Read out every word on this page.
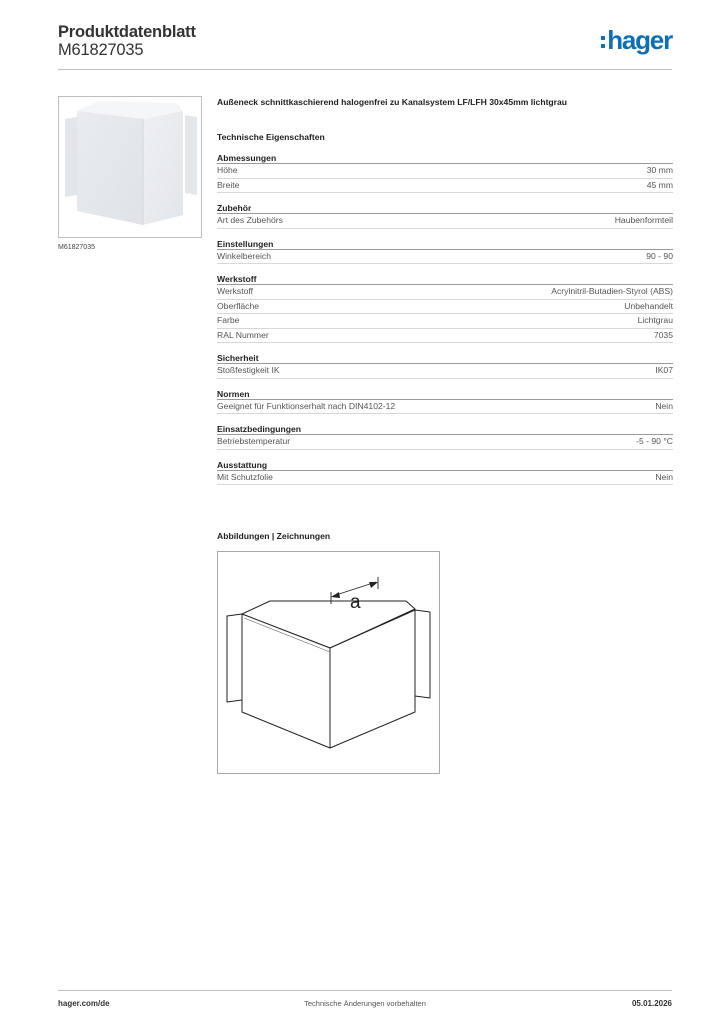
Produktdatenblatt
M61827035	hager
M61827035
Außeneck schnittkaschierend halogenfrei zu Kanalsystem LF/LFH 30x45mm lichtgrau
Technische Eigenschaften
Abmessungen
Höhe	30 mm
Breite	45 mm
Zubehör
Art des Zubehörs	Haubenformteil
Einstellungen
Winkelbereich	90 - 90
Werkstoff
Werkstoff	Acrylnitril-Butadien-Styrol (ABS)
Oberfläche	Unbehandelt
Farbe	Lichtgrau
RAL Nummer	7035
Sicherheit
Stoßfestigkeit IK	IK07
Normen
Geeignet für Funktionserhalt nach DIN4102-12	Nein
Einsatzbedingungen
Betriebstemperatur	-5 - 90 °C
Ausstattung
Mit Schutzfolie	Nein
Abbildungen | Zeichnungen
a
hager.com/de	Technische Änderungen vorbehalten	05.01.2026
